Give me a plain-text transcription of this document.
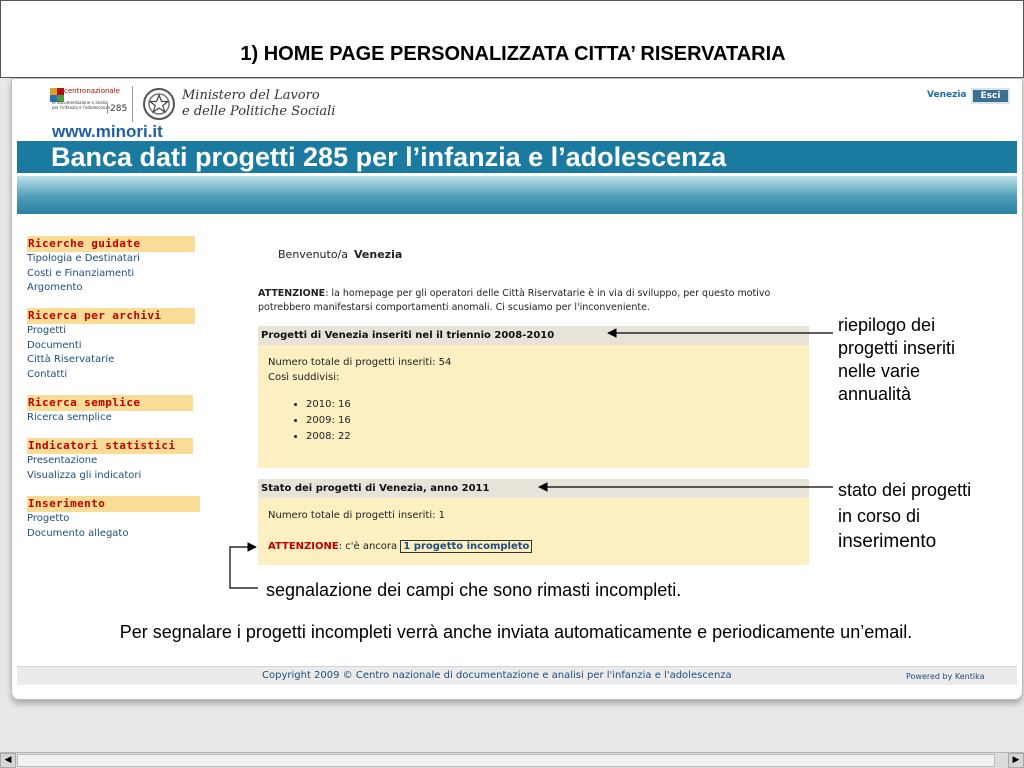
1) HOME PAGE PERSONALIZZATA CITTA’ RISERVATARIA
centronazionale
di documentazione e analisi per l'infanzia e l'adolescenza 285
Ministero del Lavoro
e delle Politiche Sociali
www.minori.it
Venezia	Esci
Banca dati progetti 285 per l’infanzia e l’adolescenza
Ricerche guidate
Tipologia e Destinatari
Costi e Finanziamenti
Argomento
Ricerca per archivi
Progetti
Documenti
Città Riservatarie
Contatti
Ricerca semplice
Ricerca semplice
Indicatori statistici
Presentazione
Visualizza gli indicatori
Inserimento
Progetto
Documento allegato
Benvenuto/a Venezia
ATTENZIONE: la homepage per gli operatori delle Città Riservatarie è in via di sviluppo, per questo motivo potrebbero manifestarsi comportamenti anomali. Ci scusiamo per l'inconveniente.
Progetti di Venezia inseriti nel il triennio 2008-2010
Numero totale di progetti inseriti: 54
Così suddivisi:
• 2010: 16
• 2009: 16
• 2008: 22
Stato dei progetti di Venezia, anno 2011
Numero totale di progetti inseriti: 1
ATTENZIONE: c'è ancora 1 progetto incompleto
riepilogo dei
progetti inseriti
nelle varie
annualità
stato dei progetti
in corso di
inserimento
segnalazione dei campi che sono rimasti incompleti.
Per segnalare i progetti incompleti verrà anche inviata automaticamente e periodicamente un’email.
Copyright 2009 © Centro nazionale di documentazione e analisi per l'infanzia e l'adolescenza	Powered by Kentika
◀	▶
